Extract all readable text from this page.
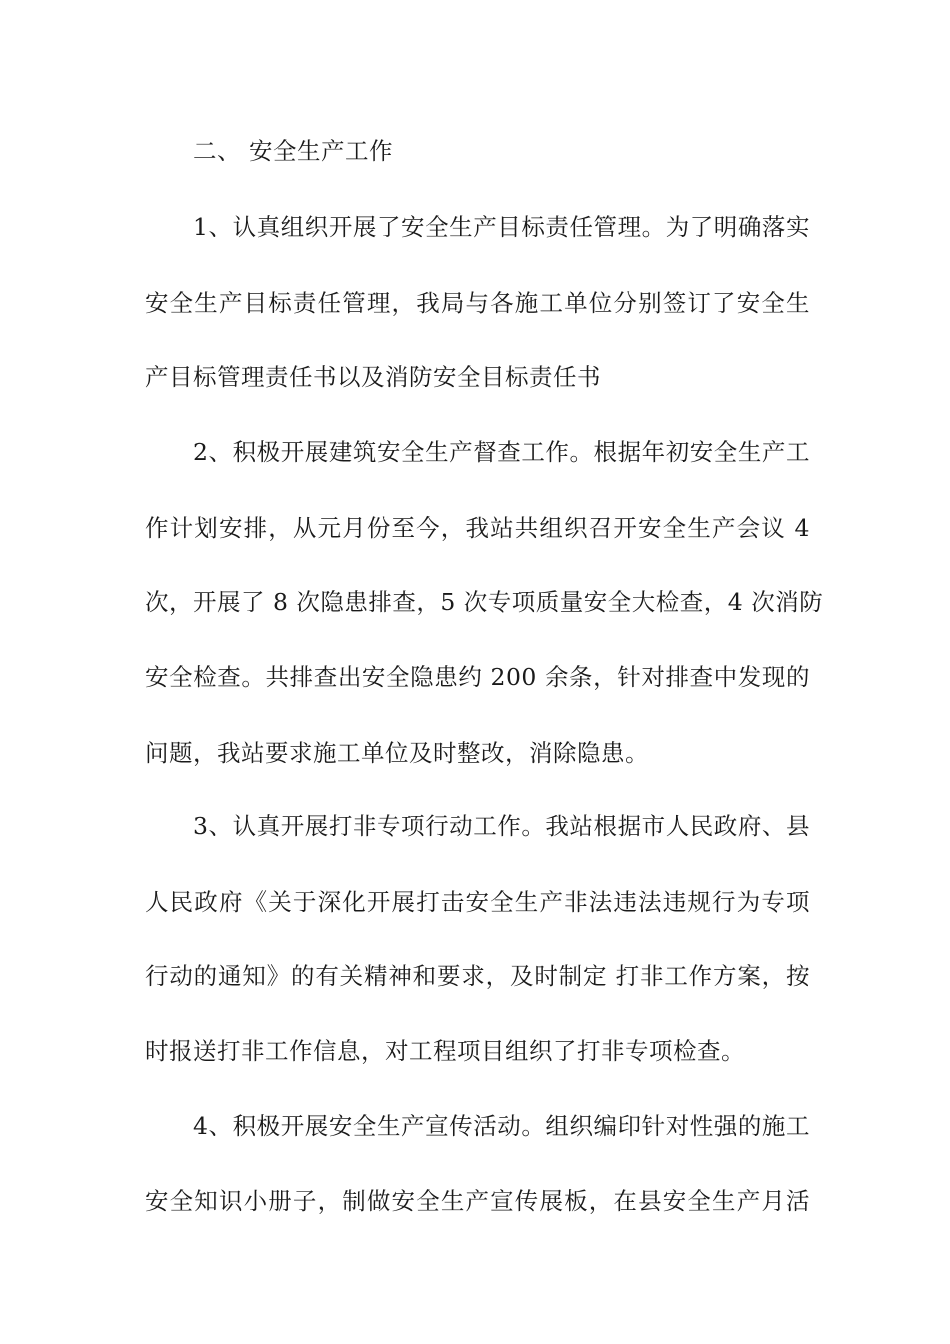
二、 安全生产工作
1、认真组织开展了安全生产目标责任管理。为了明确落实
安全生产目标责任管理，我局与各施工单位分别签订了安全生
产目标管理责任书以及消防安全目标责任书
2、积极开展建筑安全生产督查工作。根据年初安全生产工
作计划安排，从元月份至今，我站共组织召开安全生产会议 4
次，开展了 8 次隐患排查，5 次专项质量安全大检查，4 次消防
安全检查。共排查出安全隐患约 200 余条，针对排查中发现的
问题，我站要求施工单位及时整改，消除隐患。
3、认真开展打非专项行动工作。我站根据市人民政府、县
人民政府《关于深化开展打击安全生产非法违法违规行为专项
行动的通知》的有关精神和要求，及时制定 打非工作方案，按
时报送打非工作信息，对工程项目组织了打非专项检查。
4、积极开展安全生产宣传活动。组织编印针对性强的施工
安全知识小册子，制做安全生产宣传展板，在县安全生产月活
